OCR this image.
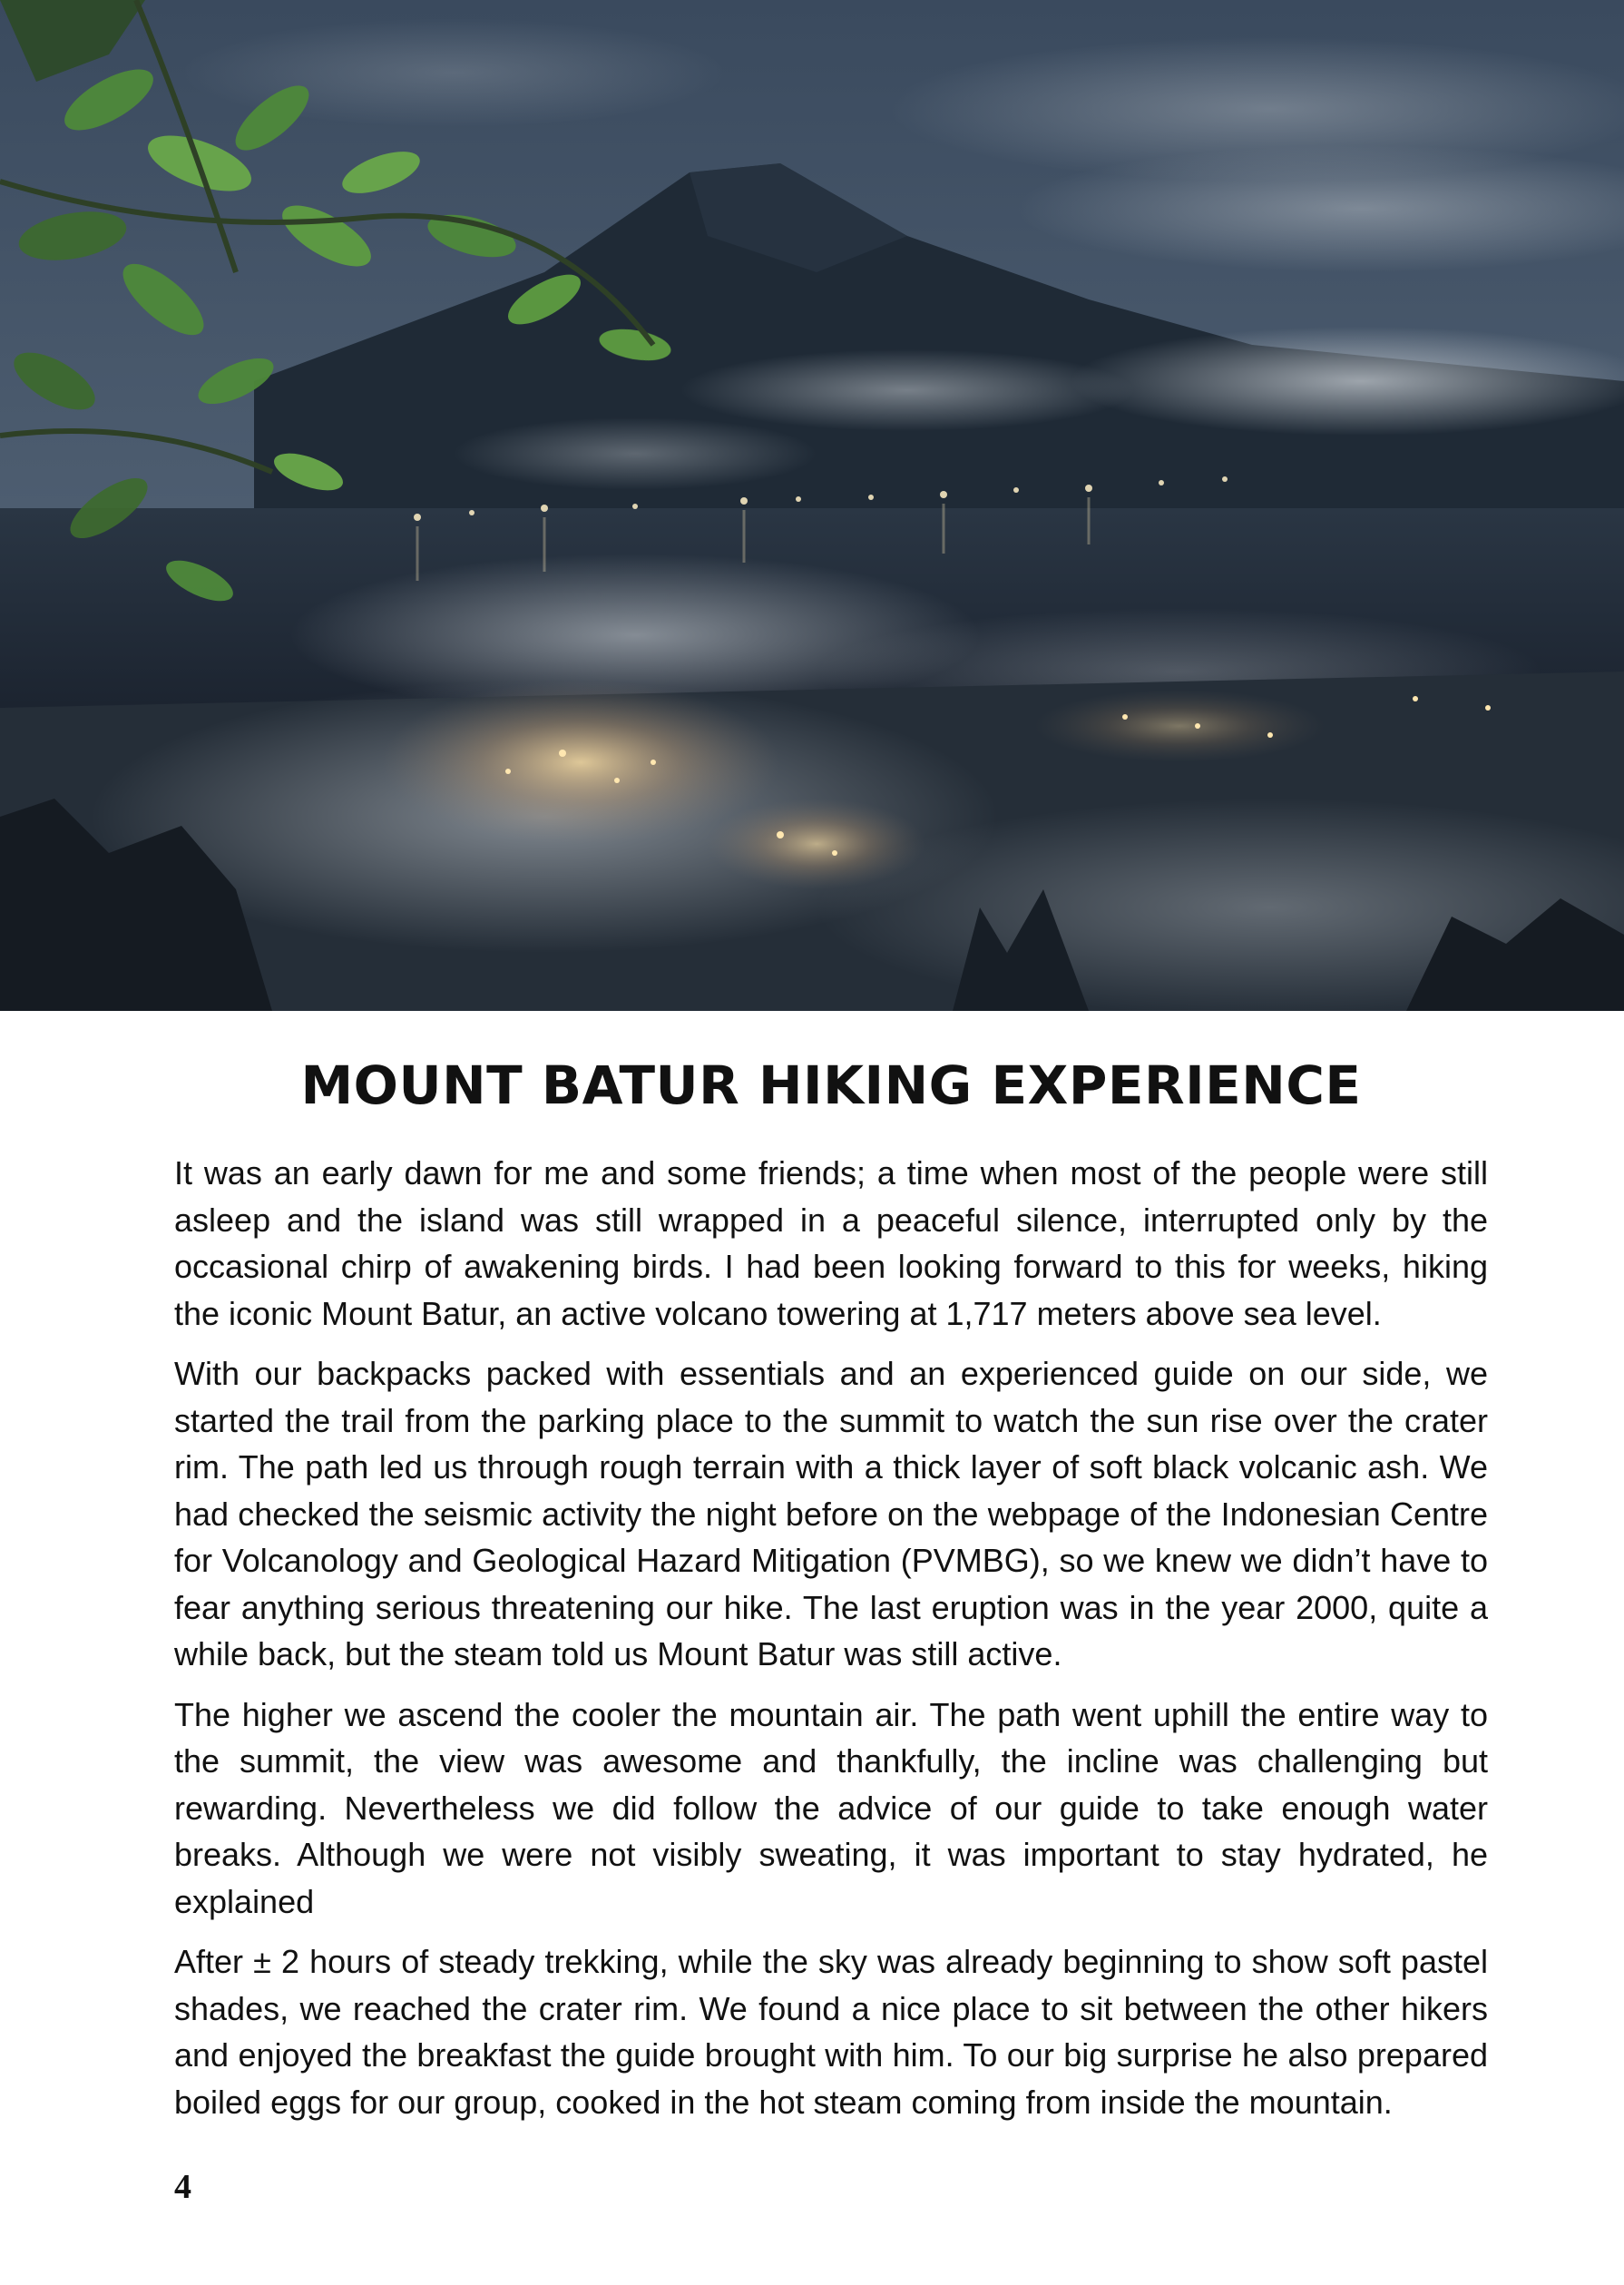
MOUNT BATUR HIKING EXPERIENCE

It was an early dawn for me and some friends; a time when most of the people were still asleep and the island was still wrapped in a peaceful silence, interrupted only by the occasional chirp of awakening birds. I had been looking forward to this for weeks, hiking the iconic Mount Batur, an active volcano towering at 1,717 meters above sea level.

With our backpacks packed with essentials and an experienced guide on our side, we started the trail from the parking place to the summit to watch the sun rise over the crater rim. The path led us through rough terrain with a thick layer of soft black volcanic ash. We had checked the seismic activity the night before on the webpage of the Indonesian Centre for Volcanology and Geological Hazard Mitigation (PVMBG), so we knew we didn’t have to fear anything serious threatening our hike. The last eruption was in the year 2000, quite a while back, but the steam told us Mount Batur was still active.

The higher we ascend the cooler the mountain air. The path went uphill the entire way to the summit, the view was awesome and thankfully, the incline was challenging but rewarding. Nevertheless we did follow the advice of our guide to take enough water breaks. Although we were not visibly sweating, it was important to stay hydrated, he explained

After ± 2 hours of steady trekking, while the sky was already beginning to show soft pastel shades, we reached the crater rim. We found a nice place to sit between the other hikers and enjoyed the breakfast the guide brought with him. To our big surprise he also prepared boiled eggs for our group, cooked in the hot steam coming from inside the mountain.

4
